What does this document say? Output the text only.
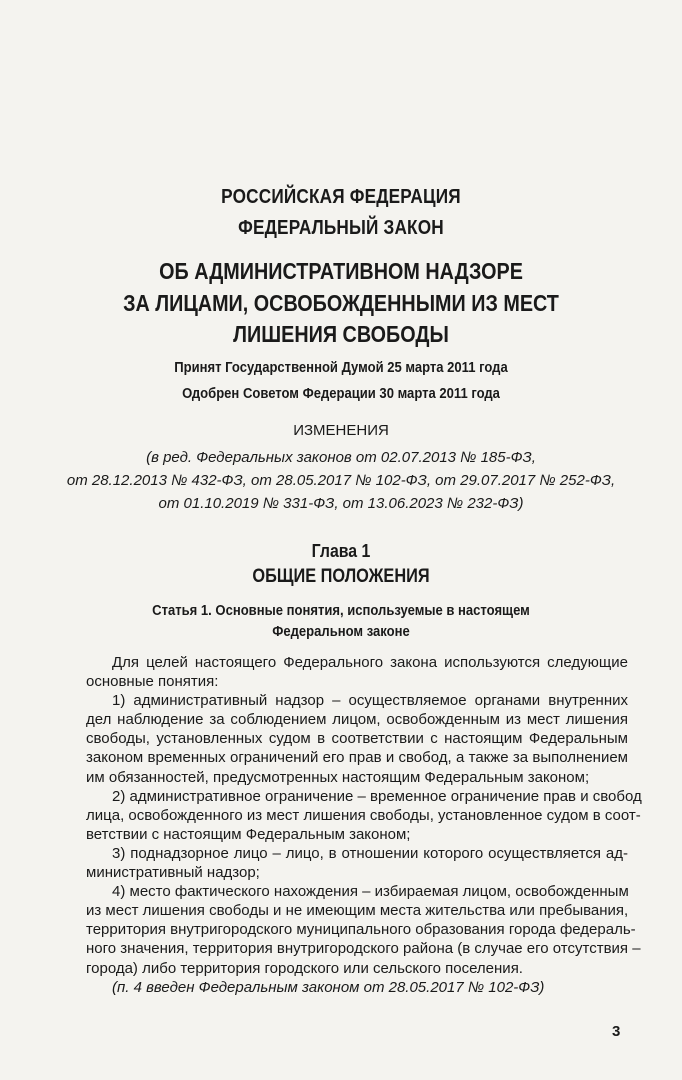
РОССИЙСКАЯ ФЕДЕРАЦИЯ
ФЕДЕРАЛЬНЫЙ ЗАКОН
ОБ АДМИНИСТРАТИВНОМ НАДЗОРЕ
ЗА ЛИЦАМИ, ОСВОБОЖДЕННЫМИ ИЗ МЕСТ
ЛИШЕНИЯ СВОБОДЫ
Принят Государственной Думой 25 марта 2011 года
Одобрен Советом Федерации 30 марта 2011 года
ИЗМЕНЕНИЯ
(в ред. Федеральных законов от 02.07.2013 № 185-ФЗ,
от 28.12.2013 № 432-ФЗ, от 28.05.2017 № 102-ФЗ, от 29.07.2017 № 252-ФЗ,
от 01.10.2019 № 331-ФЗ, от 13.06.2023 № 232-ФЗ)
Глава 1
ОБЩИЕ ПОЛОЖЕНИЯ
Статья 1. Основные понятия, используемые в настоящем
Федеральном законе
Для целей настоящего Федерального закона используются следующие
основные понятия:
1) административный надзор – осуществляемое органами внутренних
дел наблюдение за соблюдением лицом, освобожденным из мест лишения
свободы, установленных судом в соответствии с настоящим Федеральным
законом временных ограничений его прав и свобод, а также за выполнением
им обязанностей, предусмотренных настоящим Федеральным законом;
2) административное ограничение – временное ограничение прав и свобод
лица, освобожденного из мест лишения свободы, установленное судом в соот-
ветствии с настоящим Федеральным законом;
3) поднадзорное лицо – лицо, в отношении которого осуществляется ад-
министративный надзор;
4) место фактического нахождения – избираемая лицом, освобожденным
из мест лишения свободы и не имеющим места жительства или пребывания,
территория внутригородского муниципального образования города федераль-
ного значения, территория внутригородского района (в случае его отсутствия –
города) либо территория городского или сельского поселения.
(п. 4 введен Федеральным законом от 28.05.2017 № 102-ФЗ)
3
